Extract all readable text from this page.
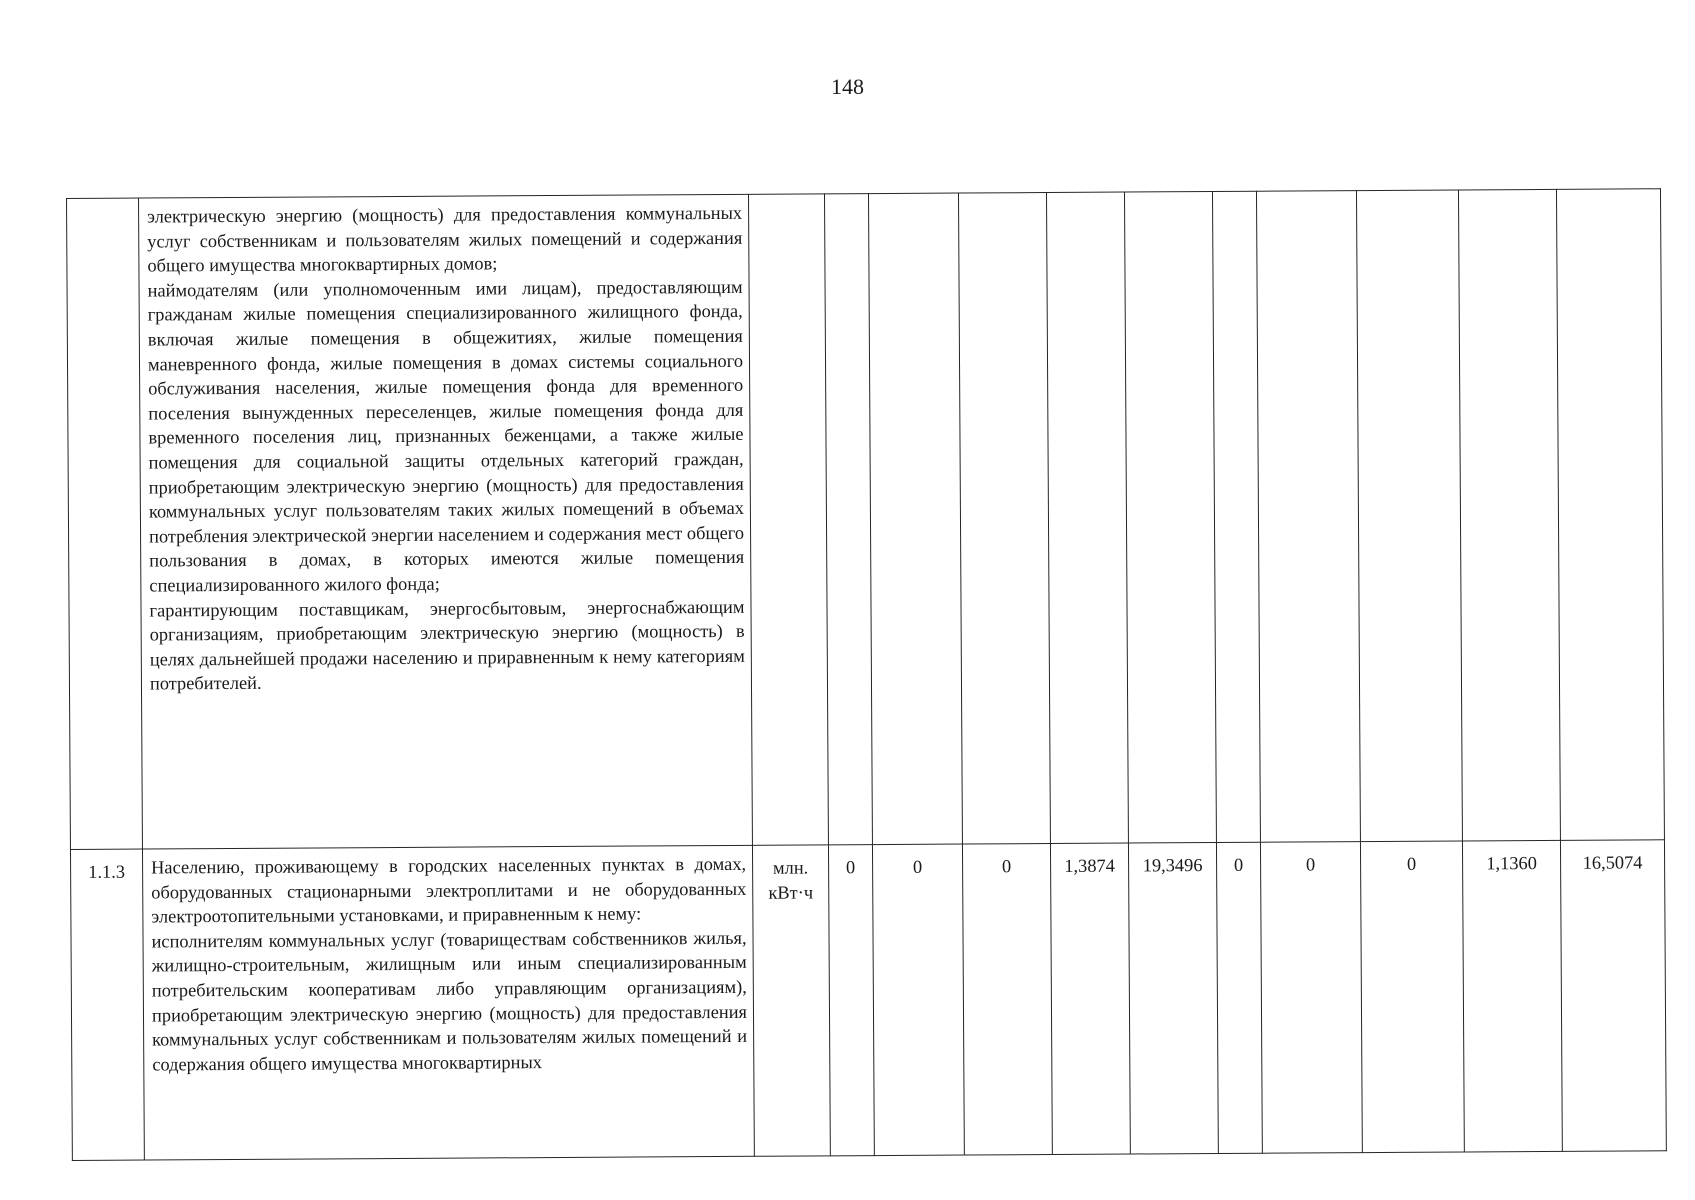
148

	электрическую энергию (мощность) для предоставления коммунальных услуг собственникам и пользователям жилых помещений и содержания общего имущества многоквартирных домов;
наймодателям (или уполномоченным ими лицам), предоставляющим гражданам жилые помещения специализированного жилищного фонда, включая жилые помещения в общежитиях, жилые помещения маневренного фонда, жилые помещения в домах системы социального обслуживания населения, жилые помещения фонда для временного поселения вынужденных переселенцев, жилые помещения фонда для временного поселения лиц, признанных беженцами, а также жилые помещения для социальной защиты отдельных категорий граждан, приобретающим электрическую энергию (мощность) для предоставления коммунальных услуг пользователям таких жилых помещений в объемах потребления электрической энергии населением и содержания мест общего пользования в домах, в которых имеются жилые помещения специализированного жилого фонда;
гарантирующим поставщикам, энергосбытовым, энергоснабжающим организациям, приобретающим электрическую энергию (мощность) в целях дальнейшей продажи населению и приравненным к нему категориям потребителей.											

1.1.3	Населению, проживающему в городских населенных пунктах в домах, оборудованных стационарными электроплитами и не оборудованных электроотопительными установками, и приравненным к нему:
исполнителям коммунальных услуг (товариществам собственников жилья, жилищно-строительным, жилищным или иным специализированным потребительским кооперативам либо управляющим организациям), приобретающим электрическую энергию (мощность) для предоставления коммунальных услуг собственникам и пользователям жилых помещений и содержания общего имущества многоквартирных	млн. кВт·ч	0	0	0	1,3874	19,3496	0	0	0	1,1360	16,5074
